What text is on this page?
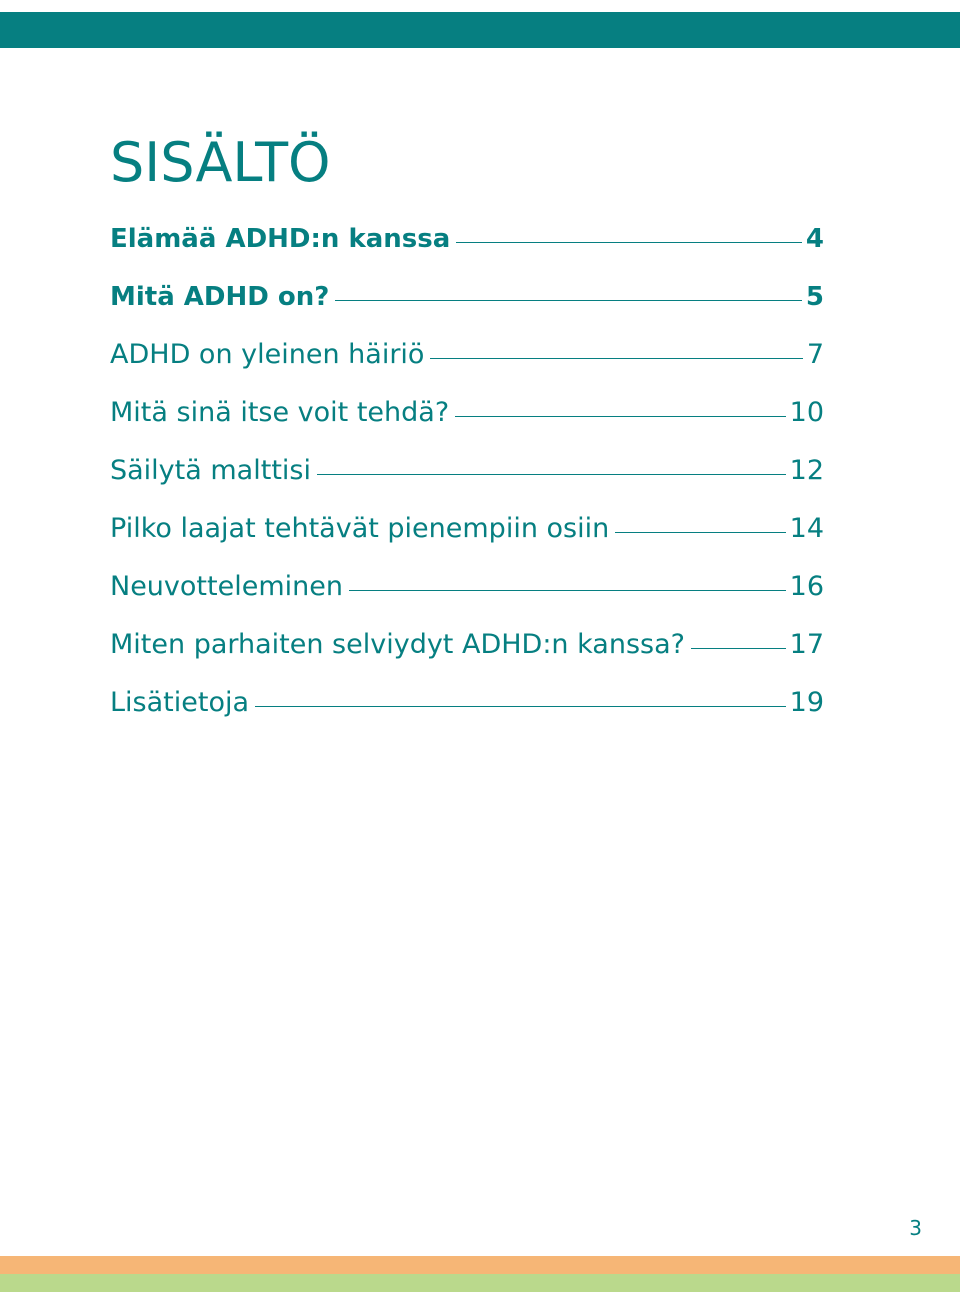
SISÄLTÖ
Elämää ADHD:n kanssa	4
Mitä ADHD on?	5
ADHD on yleinen häiriö	7
Mitä sinä itse voit tehdä?	10
Säilytä malttisi	12
Pilko laajat tehtävät pienempiin osiin	14
Neuvotteleminen	16
Miten parhaiten selviydyt ADHD:n kanssa?	17
Lisätietoja	19
3
